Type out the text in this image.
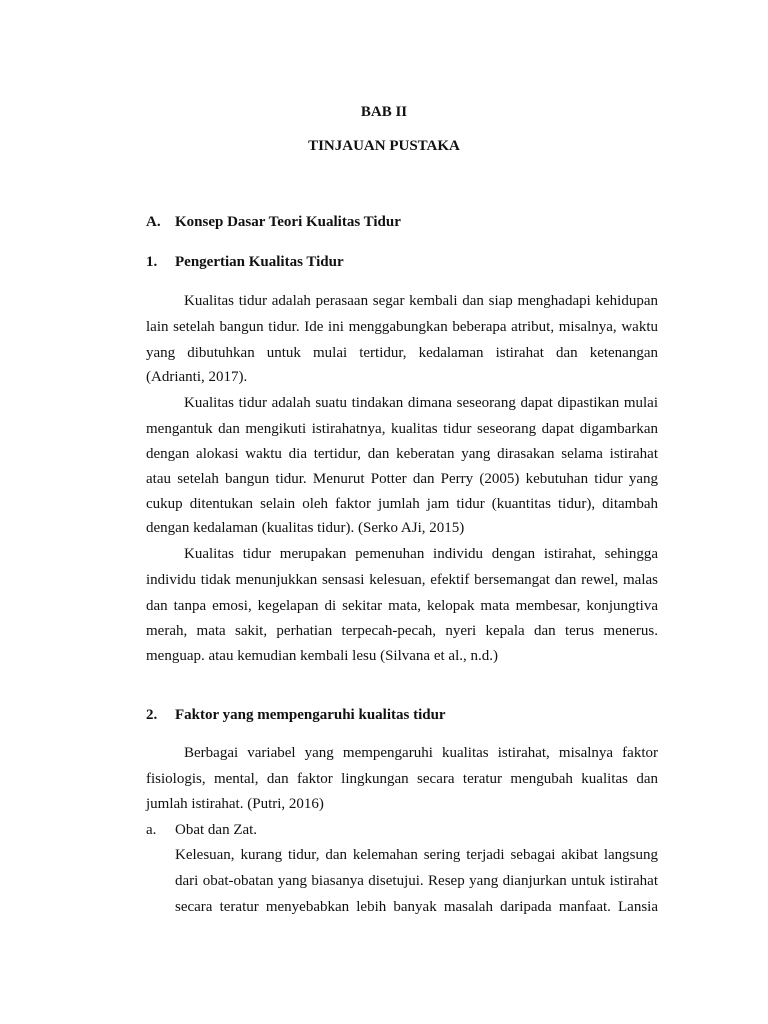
BAB II
TINJAUAN PUSTAKA
A. Konsep Dasar Teori Kualitas Tidur
1. Pengertian Kualitas Tidur
Kualitas tidur adalah perasaan segar kembali dan siap menghadapi kehidupan
lain setelah bangun tidur. Ide ini menggabungkan beberapa atribut, misalnya, waktu
yang dibutuhkan untuk mulai tertidur, kedalaman istirahat dan ketenangan
(Adrianti, 2017).
Kualitas tidur adalah suatu tindakan dimana seseorang dapat dipastikan mulai
mengantuk dan mengikuti istirahatnya, kualitas tidur seseorang dapat digambarkan
dengan alokasi waktu dia tertidur, dan keberatan yang dirasakan selama istirahat
atau setelah bangun tidur. Menurut Potter dan Perry (2005) kebutuhan tidur yang
cukup ditentukan selain oleh faktor jumlah jam tidur (kuantitas tidur), ditambah
dengan kedalaman (kualitas tidur). (Serko AJi, 2015)
Kualitas tidur merupakan pemenuhan individu dengan istirahat, sehingga
individu tidak menunjukkan sensasi kelesuan, efektif bersemangat dan rewel, malas
dan tanpa emosi, kegelapan di sekitar mata, kelopak mata membesar, konjungtiva
merah, mata sakit, perhatian terpecah-pecah, nyeri kepala dan terus menerus.
menguap. atau kemudian kembali lesu (Silvana et al., n.d.)
2. Faktor yang mempengaruhi kualitas tidur
Berbagai variabel yang mempengaruhi kualitas istirahat, misalnya faktor
fisiologis, mental, dan faktor lingkungan secara teratur mengubah kualitas dan
jumlah istirahat. (Putri, 2016)
a. Obat dan Zat.
Kelesuan, kurang tidur, dan kelemahan sering terjadi sebagai akibat langsung
dari obat-obatan yang biasanya disetujui. Resep yang dianjurkan untuk istirahat
secara teratur menyebabkan lebih banyak masalah daripada manfaat. Lansia
